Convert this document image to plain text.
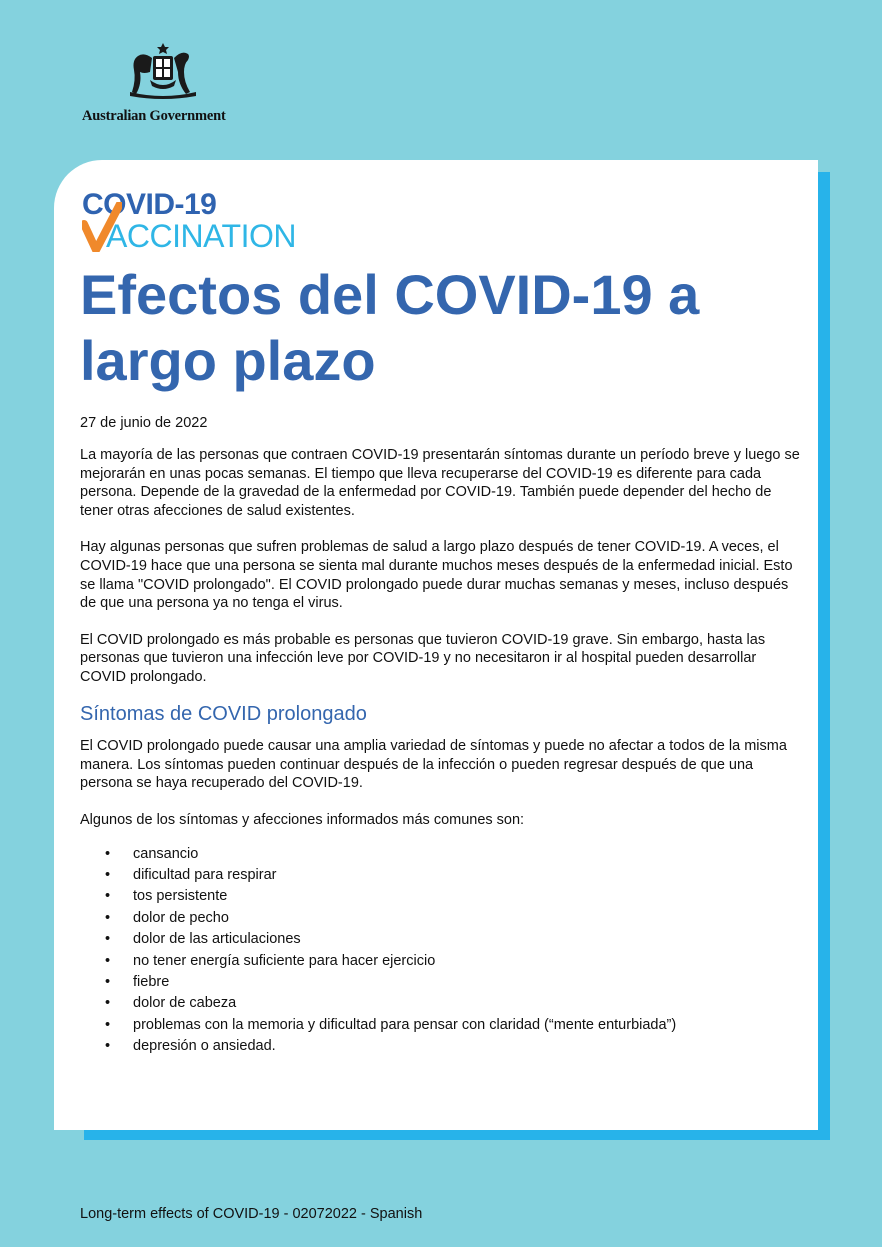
Australian Government
COVID-19
ACCINATION
Efectos del COVID-19 a largo plazo

27 de junio de 2022

La mayoría de las personas que contraen COVID-19 presentarán síntomas durante un período breve y luego se mejorarán en unas pocas semanas. El tiempo que lleva recuperarse del COVID-19 es diferente para cada persona. Depende de la gravedad de la enfermedad por COVID-19. También puede depender del hecho de tener otras afecciones de salud existentes.

Hay algunas personas que sufren problemas de salud a largo plazo después de tener COVID-19. A veces, el COVID-19 hace que una persona se sienta mal durante muchos meses después de la enfermedad inicial. Esto se llama "COVID prolongado". El COVID prolongado puede durar muchas semanas y meses, incluso después de que una persona ya no tenga el virus.

El COVID prolongado es más probable es personas que tuvieron COVID-19 grave. Sin embargo, hasta las personas que tuvieron una infección leve por COVID-19 y no necesitaron ir al hospital pueden desarrollar COVID prolongado.

Síntomas de COVID prolongado

El COVID prolongado puede causar una amplia variedad de síntomas y puede no afectar a todos de la misma manera. Los síntomas pueden continuar después de la infección o pueden regresar después de que una persona se haya recuperado del COVID-19.

Algunos de los síntomas y afecciones informados más comunes son:

• cansancio
• dificultad para respirar
• tos persistente
• dolor de pecho
• dolor de las articulaciones
• no tener energía suficiente para hacer ejercicio
• fiebre
• dolor de cabeza
• problemas con la memoria y dificultad para pensar con claridad (“mente enturbiada”)
• depresión o ansiedad.
Long-term effects of COVID-19 - 02072022 - Spanish
